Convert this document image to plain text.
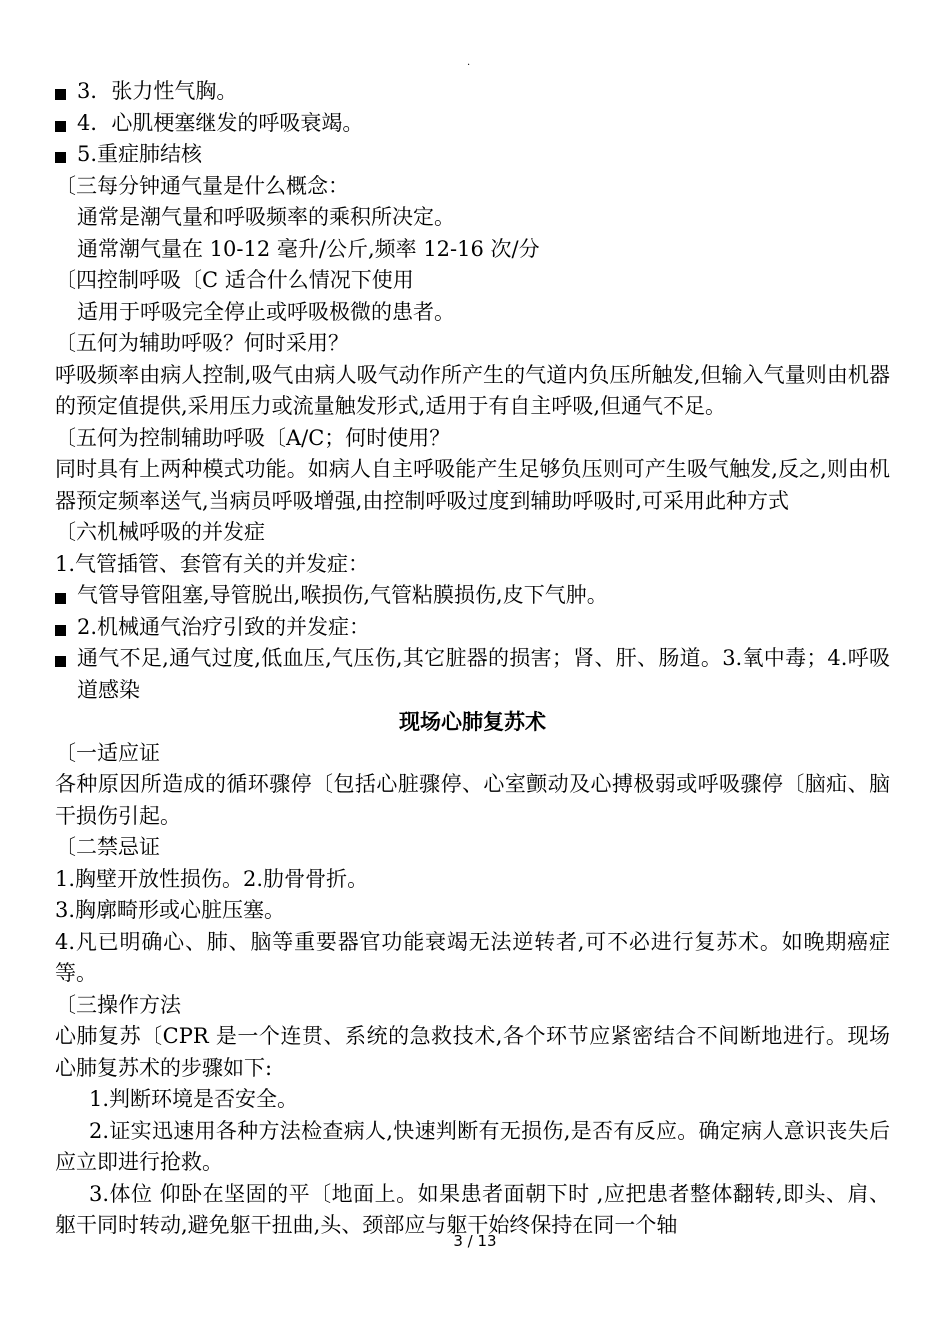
.
3．张力性气胸。
4．心肌梗塞继发的呼吸衰竭。
5.重症肺结核
〔三每分钟通气量是什么概念：
通常是潮气量和呼吸频率的乘积所决定。
通常潮气量在 10-12 毫升/公斤,频率 12-16 次/分
〔四控制呼吸〔C 适合什么情况下使用
适用于呼吸完全停止或呼吸极微的患者。
〔五何为辅助呼吸？何时采用？
呼吸频率由病人控制,吸气由病人吸气动作所产生的气道内负压所触发,但输入气量则由机器的预定值提供,采用压力或流量触发形式,适用于有自主呼吸,但通气不足。
〔五何为控制辅助呼吸〔A/C；何时使用？
同时具有上两种模式功能。如病人自主呼吸能产生足够负压则可产生吸气触发,反之,则由机器预定频率送气,当病员呼吸增强,由控制呼吸过度到辅助呼吸时,可采用此种方式
〔六机械呼吸的并发症
1.气管插管、套管有关的并发症：
气管导管阻塞,导管脱出,喉损伤,气管粘膜损伤,皮下气肿。
2.机械通气治疗引致的并发症：
通气不足,通气过度,低血压,气压伤,其它脏器的损害；肾、肝、肠道。3.氧中毒；4.呼吸道感染
现场心肺复苏术
〔一适应证
各种原因所造成的循环骤停〔包括心脏骤停、心室颤动及心搏极弱或呼吸骤停〔脑疝、脑干损伤引起。
〔二禁忌证
1.胸壁开放性损伤。2.肋骨骨折。
3.胸廓畸形或心脏压塞。
4.凡已明确心、肺、脑等重要器官功能衰竭无法逆转者,可不必进行复苏术。如晚期癌症等。
〔三操作方法
心肺复苏〔CPR 是一个连贯、系统的急救技术,各个环节应紧密结合不间断地进行。现场心肺复苏术的步骤如下:
1.判断环境是否安全。
2.证实迅速用各种方法检查病人,快速判断有无损伤,是否有反应。确定病人意识丧失后应立即进行抢救。
3.体位 仰卧在坚固的平〔地面上。如果患者面朝下时 ,应把患者整体翻转,即头、肩、躯干同时转动,避免躯干扭曲,头、颈部应与躯干始终保持在同一个轴
3 / 13
